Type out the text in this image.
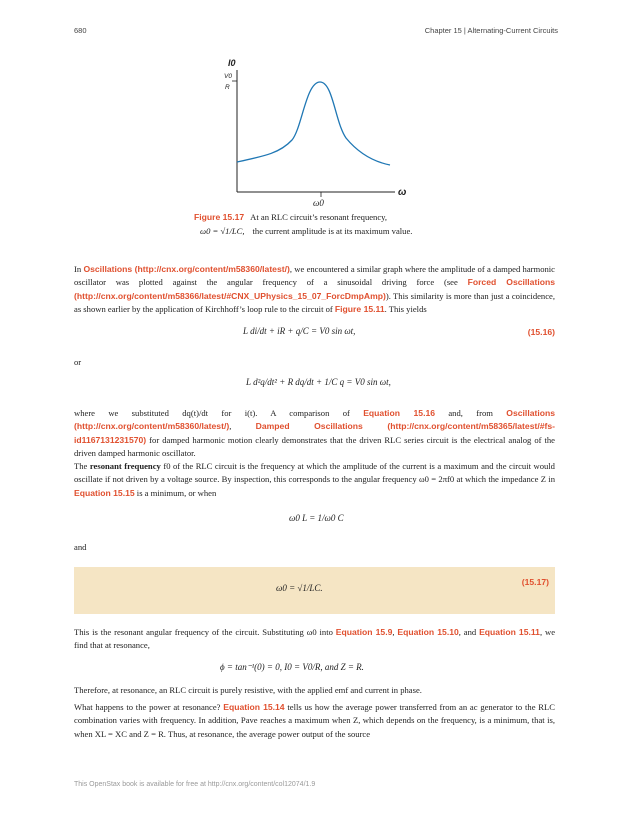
680	Chapter 15 | Alternating-Current Circuits
I0
V0
R
ω
ω0
Figure 15.17 At an RLC circuit’s resonant frequency,
ω0 = √1/LC, the current amplitude is at its maximum value.
In Oscillations (http://cnx.org/content/m58360/latest/), we encountered a similar graph where the amplitude of a damped harmonic oscillator was plotted against the angular frequency of a sinusoidal driving force (see Forced Oscillations (http://cnx.org/content/m58366/latest/#CNX_UPhysics_15_07_ForcDmpAmp)). This similarity is more than just a coincidence, as shown earlier by the application of Kirchhoff’s loop rule to the circuit of Figure 15.11. This yields
L di/dt + iR + q/C = V0 sin ωt,	(15.16)
or
L d²q/dt² + R dq/dt + 1/C q = V0 sin ωt,
where we substituted dq(t)/dt for i(t). A comparison of Equation 15.16 and, from Oscillations (http://cnx.org/content/m58360/latest/), Damped Oscillations (http://cnx.org/content/m58365/latest/#fs-id1167131231570) for damped harmonic motion clearly demonstrates that the driven RLC series circuit is the electrical analog of the driven damped harmonic oscillator.
The resonant frequency f0 of the RLC circuit is the frequency at which the amplitude of the current is a maximum and the circuit would oscillate if not driven by a voltage source. By inspection, this corresponds to the angular frequency ω0 = 2πf0 at which the impedance Z in Equation 15.15 is a minimum, or when
ω0 L = 1/ω0 C
and
ω0 = √1/LC.
(15.17)
This is the resonant angular frequency of the circuit. Substituting ω0 into Equation 15.9, Equation 15.10, and Equation 15.11, we find that at resonance,
ϕ = tan⁻¹(0) = 0, I0 = V0/R, and Z = R.
Therefore, at resonance, an RLC circuit is purely resistive, with the applied emf and current in phase.
What happens to the power at resonance? Equation 15.14 tells us how the average power transferred from an ac generator to the RLC combination varies with frequency. In addition, Pave reaches a maximum when Z, which depends on the frequency, is a minimum, that is, when XL = XC and Z = R. Thus, at resonance, the average power output of the source
This OpenStax book is available for free at http://cnx.org/content/col12074/1.9
